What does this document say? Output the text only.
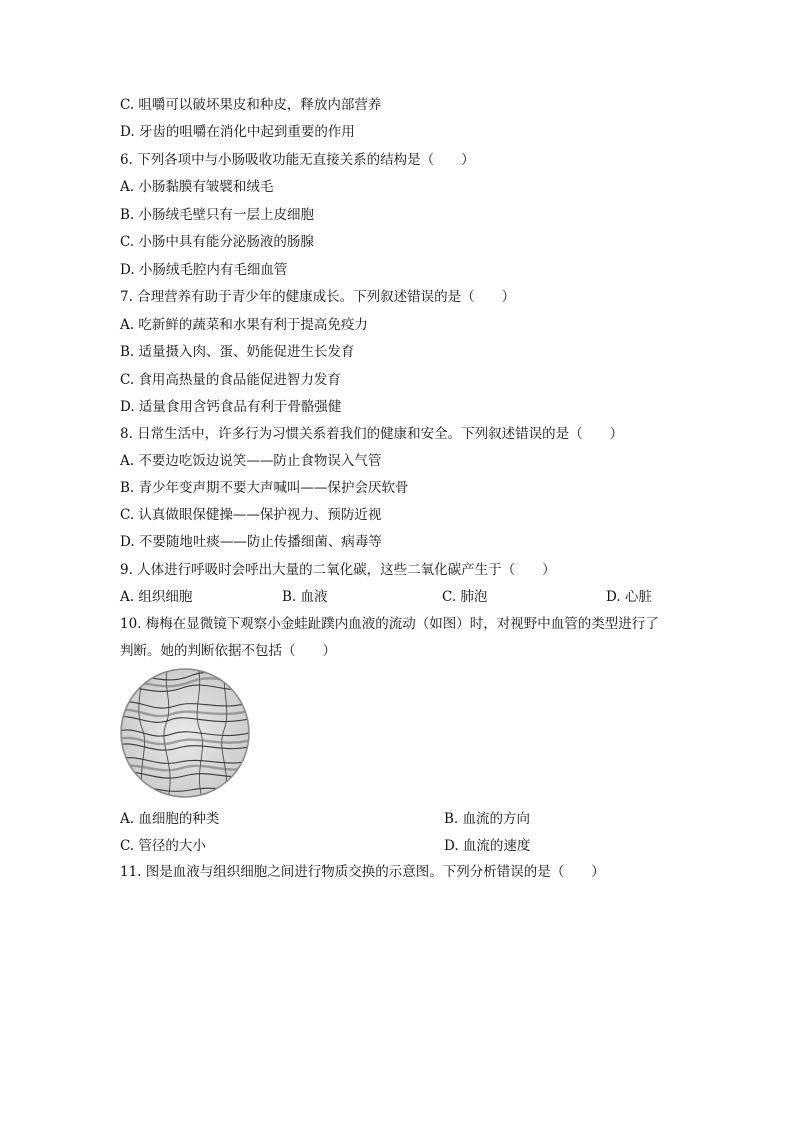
C. 咀嚼可以破坏果皮和种皮，释放内部营养
D. 牙齿的咀嚼在消化中起到重要的作用
6. 下列各项中与小肠吸收功能无直接关系的结构是（　　）
A. 小肠黏膜有皱襞和绒毛
B. 小肠绒毛壁只有一层上皮细胞
C. 小肠中具有能分泌肠液的肠腺
D. 小肠绒毛腔内有毛细血管
7. 合理营养有助于青少年的健康成长。下列叙述错误的是（　　）
A. 吃新鲜的蔬菜和水果有利于提高免疫力
B. 适量摄入肉、蛋、奶能促进生长发育
C. 食用高热量的食品能促进智力发育
D. 适量食用含钙食品有利于骨骼强健
8. 日常生活中，许多行为习惯关系着我们的健康和安全。下列叙述错误的是（　　）
A. 不要边吃饭边说笑——防止食物误入气管
B. 青少年变声期不要大声喊叫——保护会厌软骨
C. 认真做眼保健操——保护视力、预防近视
D. 不要随地吐痰——防止传播细菌、病毒等
9. 人体进行呼吸时会呼出大量的二氧化碳，这些二氧化碳产生于（　　）
A. 组织细胞	B. 血液	C. 肺泡	D. 心脏
10. 梅梅在显微镜下观察小金蛙趾蹼内血液的流动（如图）时，对视野中血管的类型进行了
判断。她的判断依据不包括（　　）
A. 血细胞的种类	B. 血流的方向
C. 管径的大小	D. 血流的速度
11. 图是血液与组织细胞之间进行物质交换的示意图。下列分析错误的是（　　）
